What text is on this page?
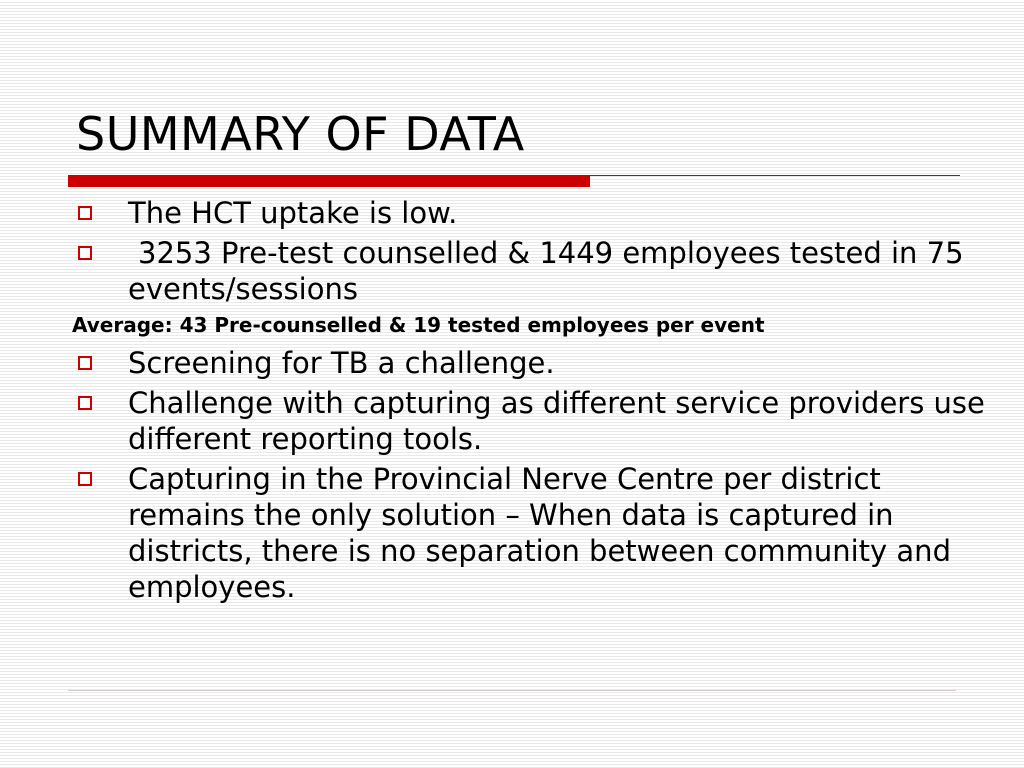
SUMMARY OF DATA
The HCT uptake is low.
3253 Pre-test counselled & 1449 employees tested in 75 events/sessions
Average: 43 Pre-counselled & 19 tested employees per event
Screening for TB a challenge.
Challenge with capturing as different service providers use different reporting tools.
Capturing in the Provincial Nerve Centre per district remains the only solution – When data is captured in districts, there is no separation between community and employees.
